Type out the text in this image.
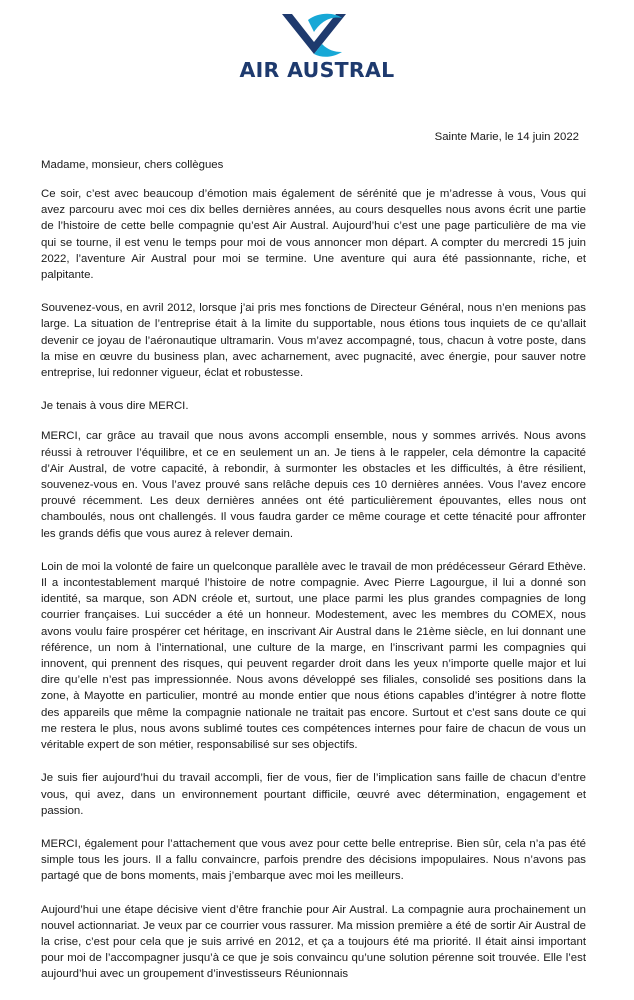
AIR AUSTRAL
Sainte Marie, le 14 juin 2022
Madame, monsieur, chers collègues

Ce soir, c’est avec beaucoup d’émotion mais également de sérénité que je m’adresse à vous, Vous qui avez parcouru avec moi ces dix belles dernières années, au cours desquelles nous avons écrit une partie de l’histoire de cette belle compagnie qu’est Air Austral. Aujourd’hui c’est une page particulière de ma vie qui se tourne, il est venu le temps pour moi de vous annoncer mon départ. A compter du mercredi 15 juin 2022, l’aventure Air Austral pour moi se termine. Une aventure qui aura été passionnante, riche, et palpitante.

Souvenez-vous, en avril 2012, lorsque j’ai pris mes fonctions de Directeur Général, nous n’en menions pas large. La situation de l’entreprise était à la limite du supportable, nous étions tous inquiets de ce qu’allait devenir ce joyau de l’aéronautique ultramarin. Vous m’avez accompagné, tous, chacun à votre poste, dans la mise en œuvre du business plan, avec acharnement, avec pugnacité, avec énergie, pour sauver notre entreprise, lui redonner vigueur, éclat et robustesse.

Je tenais à vous dire MERCI.

MERCI, car grâce au travail que nous avons accompli ensemble, nous y sommes arrivés. Nous avons réussi à retrouver l’équilibre, et ce en seulement un an. Je tiens à le rappeler, cela démontre la capacité d’Air Austral, de votre capacité, à rebondir, à surmonter les obstacles et les difficultés, à être résilient, souvenez-vous en. Vous l’avez prouvé sans relâche depuis ces 10 dernières années. Vous l’avez encore prouvé récemment. Les deux dernières années ont été particulièrement épouvantes, elles nous ont chamboulés, nous ont challengés. Il vous faudra garder ce même courage et cette ténacité pour affronter les grands défis que vous aurez à relever demain.

Loin de moi la volonté de faire un quelconque parallèle avec le travail de mon prédécesseur Gérard Ethève. Il a incontestablement marqué l’histoire de notre compagnie. Avec Pierre Lagourgue, il lui a donné son identité, sa marque, son ADN créole et, surtout, une place parmi les plus grandes compagnies de long courrier françaises. Lui succéder a été un honneur. Modestement, avec les membres du COMEX, nous avons voulu faire prospérer cet héritage, en inscrivant Air Austral dans le 21ème siècle, en lui donnant une référence, un nom à l’international, une culture de la marge, en l’inscrivant parmi les compagnies qui innovent, qui prennent des risques, qui peuvent regarder droit dans les yeux n’importe quelle major et lui dire qu’elle n’est pas impressionnée. Nous avons développé ses filiales, consolidé ses positions dans la zone, à Mayotte en particulier, montré au monde entier que nous étions capables d’intégrer à notre flotte des appareils que même la compagnie nationale ne traitait pas encore. Surtout et c’est sans doute ce qui me restera le plus, nous avons sublimé toutes ces compétences internes pour faire de chacun de vous un véritable expert de son métier, responsabilisé sur ses objectifs.

Je suis fier aujourd’hui du travail accompli, fier de vous, fier de l’implication sans faille de chacun d’entre vous, qui avez, dans un environnement pourtant difficile, œuvré avec détermination, engagement et passion.

MERCI, également pour l’attachement que vous avez pour cette belle entreprise. Bien sûr, cela n’a pas été simple tous les jours. Il a fallu convaincre, parfois prendre des décisions impopulaires. Nous n’avons pas partagé que de bons moments, mais j’embarque avec moi les meilleurs.

Aujourd’hui une étape décisive vient d’être franchie pour Air Austral. La compagnie aura prochainement un nouvel actionnariat. Je veux par ce courrier vous rassurer. Ma mission première a été de sortir Air Austral de la crise, c’est pour cela que je suis arrivé en 2012, et ça a toujours été ma priorité. Il était ainsi important pour moi de l’accompagner jusqu’à ce que je sois convaincu qu’une solution pérenne soit trouvée. Elle l’est aujourd’hui avec un groupement d’investisseurs Réunionnais
